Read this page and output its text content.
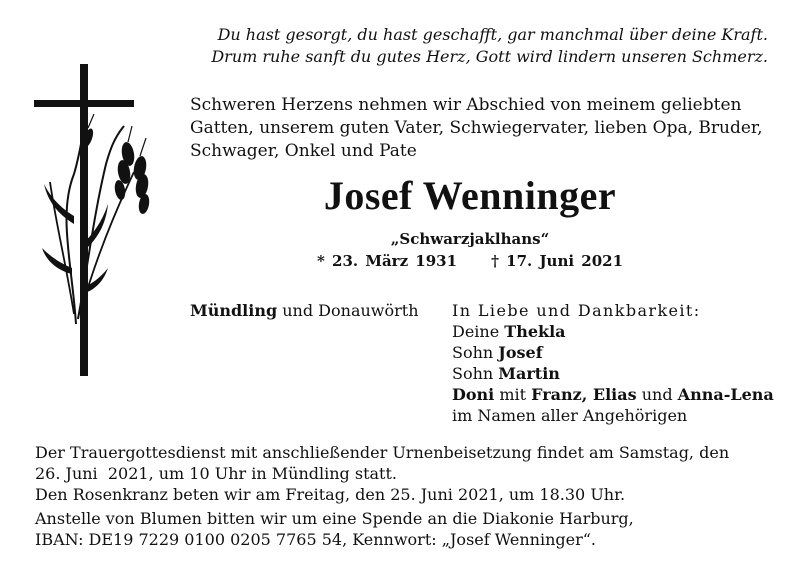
Du hast gesorgt, du hast geschafft, gar manchmal über deine Kraft.
Drum ruhe sanft du gutes Herz, Gott wird lindern unseren Schmerz.
Schweren Herzens nehmen wir Abschied von meinem geliebten
Gatten, unserem guten Vater, Schwiegervater, lieben Opa, Bruder,
Schwager, Onkel und Pate
Josef Wenninger
„Schwarzjaklhans“
* 23. März 1931 † 17. Juni 2021
Mündling und Donauwörth In Liebe und Dankbarkeit:
Deine Thekla
Sohn Josef
Sohn Martin
Doni mit Franz, Elias und Anna-Lena
im Namen aller Angehörigen
Der Trauergottesdienst mit anschließender Urnenbeisetzung findet am Samstag, den
26. Juni  2021, um 10 Uhr in Mündling statt.
Den Rosenkranz beten wir am Freitag, den 25. Juni 2021, um 18.30 Uhr.
Anstelle von Blumen bitten wir um eine Spende an die Diakonie Harburg,
IBAN: DE19 7229 0100 0205 7765 54, Kennwort: „Josef Wenninger“.
